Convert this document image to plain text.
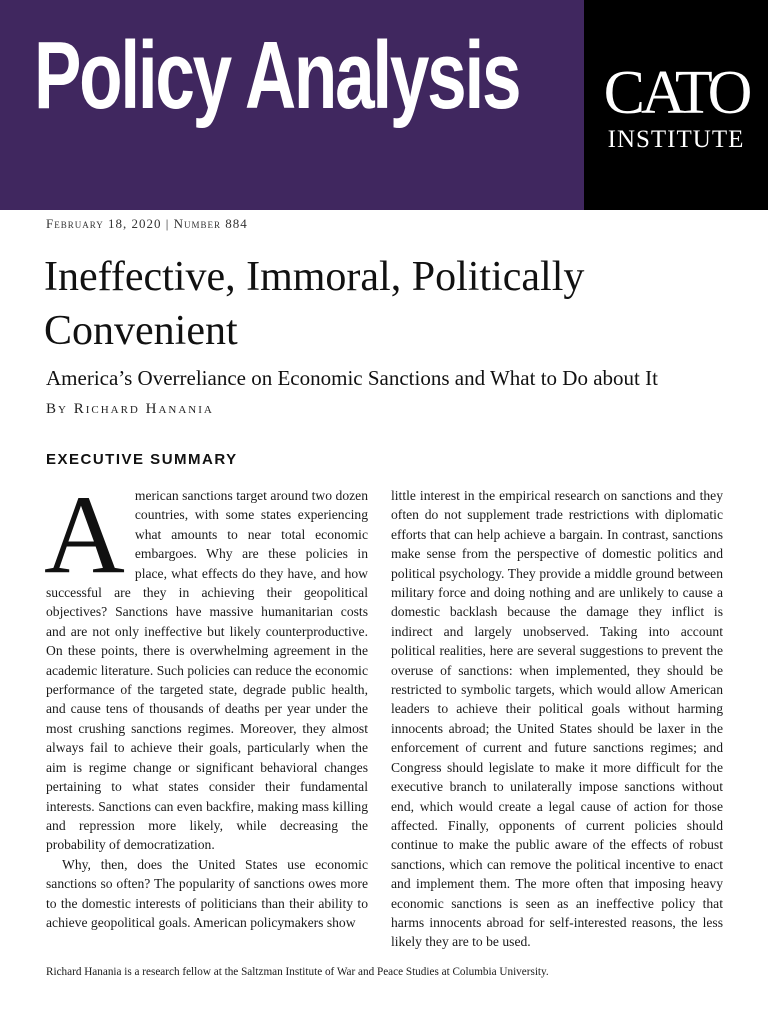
Policy Analysis	CATO
INSTITUTE
February 18, 2020 | Number 884
Ineffective, Immoral, Politically Convenient
America’s Overreliance on Economic Sanctions and What to Do about It
By Richard Hanania
EXECUTIVE SUMMARY

American sanctions target around two dozen countries, with some states experiencing what amounts to near total economic embargoes. Why are these policies in place, what effects do they have, and how successful are they in achieving their geopolitical objectives? Sanctions have massive humanitarian costs and are not only ineffective but likely counterproductive. On these points, there is overwhelming agreement in the academic literature. Such policies can reduce the economic performance of the targeted state, degrade public health, and cause tens of thousands of deaths per year under the most crushing sanctions regimes. Moreover, they almost always fail to achieve their goals, particularly when the aim is regime change or significant behavioral changes pertaining to what states consider their fundamental interests. Sanctions can even backfire, making mass killing and repression more likely, while decreasing the probability of democratization.

Why, then, does the United States use economic sanctions so often? The popularity of sanctions owes more to the domestic interests of politicians than their ability to achieve geopolitical goals. American policymakers show

little interest in the empirical research on sanctions and they often do not supplement trade restrictions with diplomatic efforts that can help achieve a bargain. In contrast, sanctions make sense from the perspective of domestic politics and political psychology. They provide a middle ground between military force and doing nothing and are unlikely to cause a domestic backlash because the damage they inflict is indirect and largely unobserved. Taking into account political realities, here are several suggestions to prevent the overuse of sanctions: when implemented, they should be restricted to symbolic targets, which would allow American leaders to achieve their political goals without harming innocents abroad; the United States should be laxer in the enforcement of current and future sanctions regimes; and Congress should legislate to make it more difficult for the executive branch to unilaterally impose sanctions without end, which would create a legal cause of action for those affected. Finally, opponents of current policies should continue to make the public aware of the effects of robust sanctions, which can remove the political incentive to enact and implement them. The more often that imposing heavy economic sanctions is seen as an ineffective policy that harms innocents abroad for self-interested reasons, the less likely they are to be used.

Richard Hanania is a research fellow at the Saltzman Institute of War and Peace Studies at Columbia University.
